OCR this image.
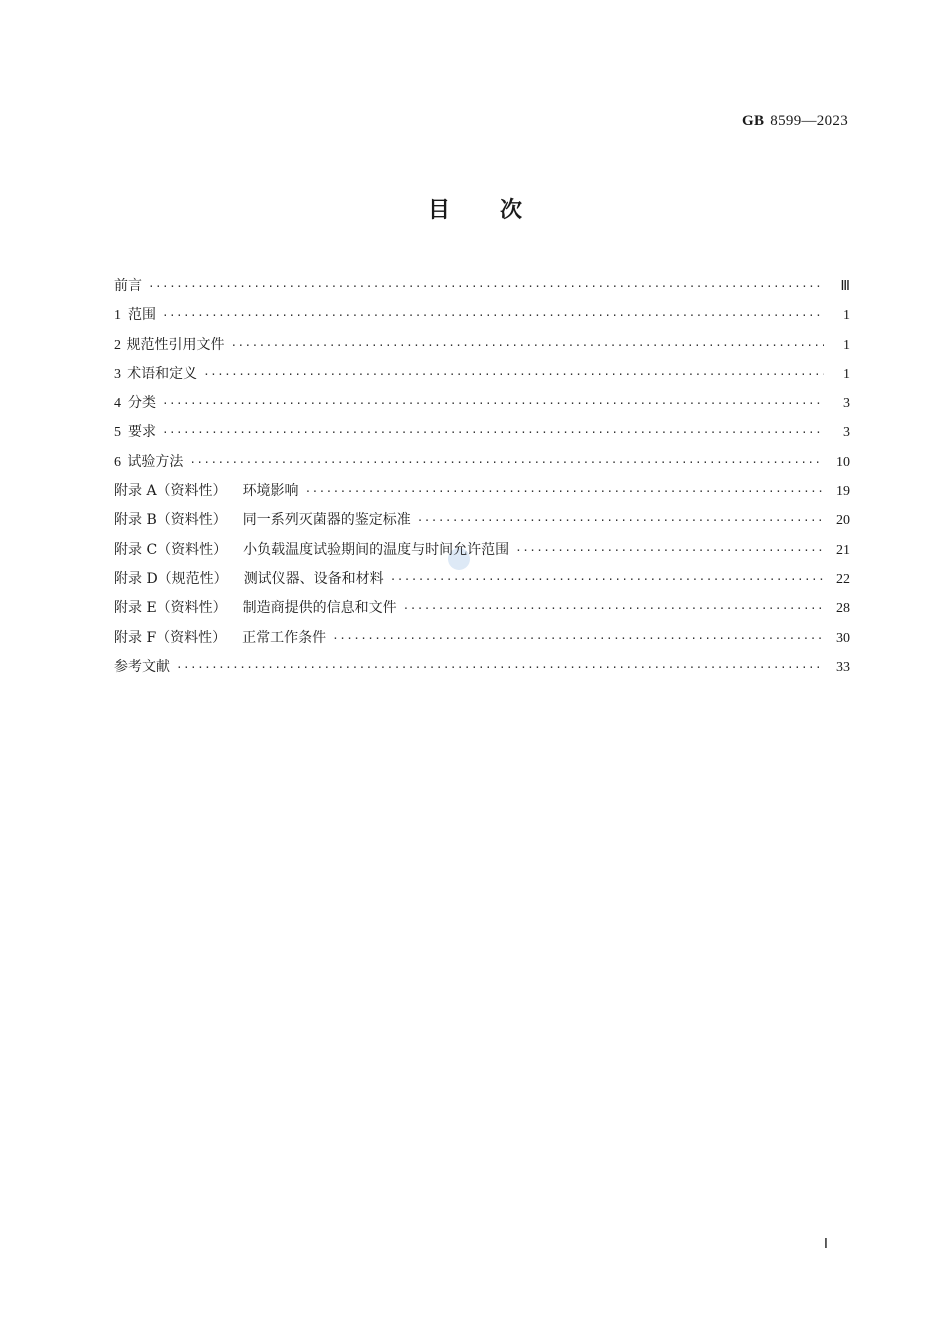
GB 8599—2023
目 次
前言 ·····	Ⅲ
1 范围 ·····	1
2 规范性引用文件 ·····	1
3 术语和定义 ·····	1
4 分类 ·····	3
5 要求 ·····	3
6 试验方法 ·····	10
附录 A（资料性） 环境影响 ·····	19
附录 B（资料性） 同一系列灭菌器的鉴定标准 ·····	20
附录 C（资料性） 小负载温度试验期间的温度与时间允许范围 ·····	21
附录 D（规范性） 测试仪器、设备和材料 ·····	22
附录 E（资料性） 制造商提供的信息和文件 ·····	28
附录 F（资料性） 正常工作条件 ·····	30
参考文献 ·····	33
Ⅰ
